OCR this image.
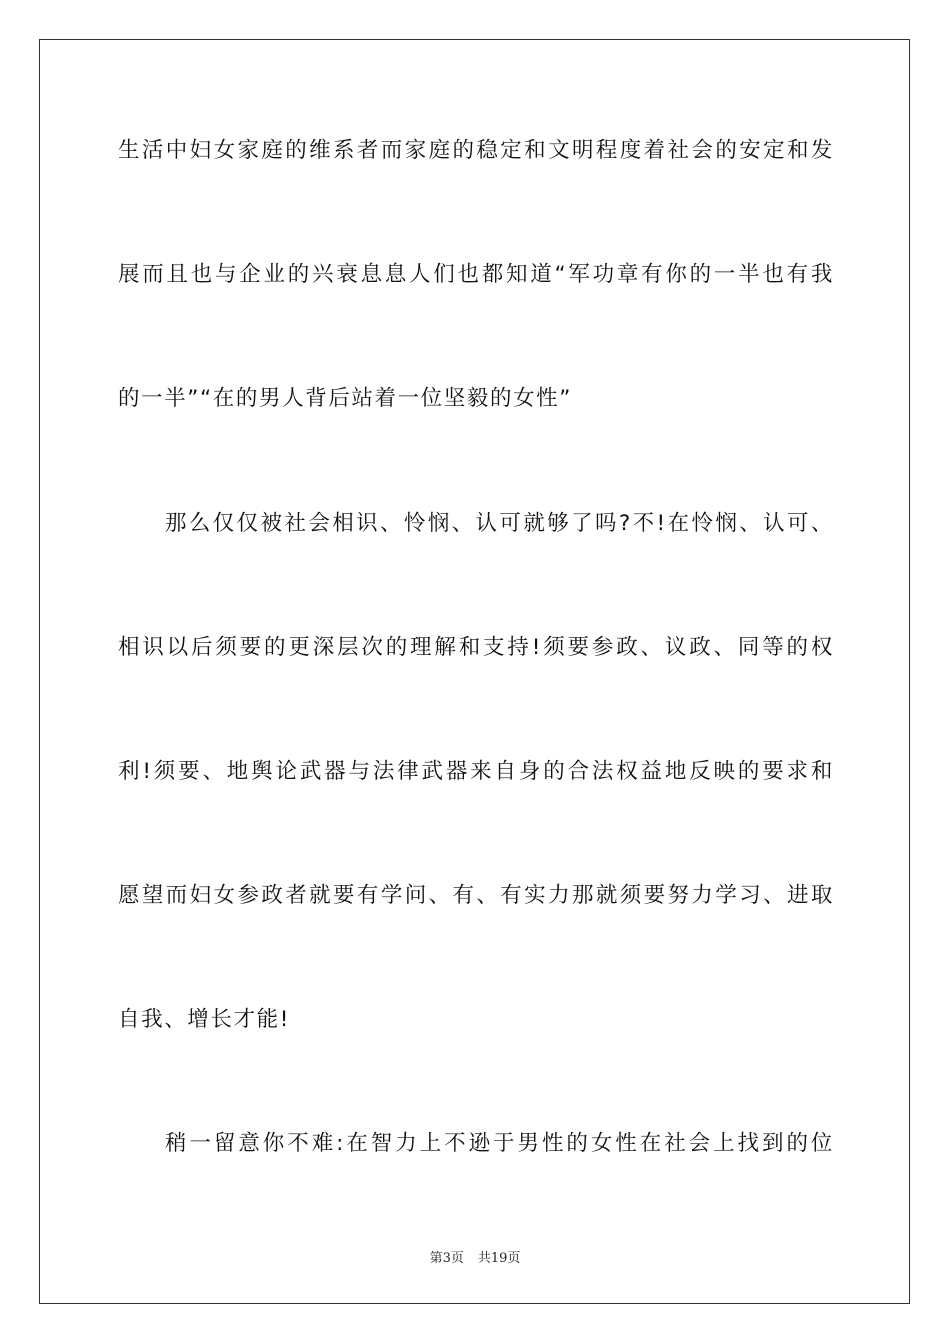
生活中妇女家庭的维系者而家庭的稳定和文明程度着社会的安定和发
展而且也与企业的兴衰息息人们也都知道“军功章有你的一半也有我
的一半”“在的男人背后站着一位坚毅的女性”
那么仅仅被社会相识、怜悯、认可就够了吗?不!在怜悯、认可、
相识以后须要的更深层次的理解和支持!须要参政、议政、同等的权
利!须要、地舆论武器与法律武器来自身的合法权益地反映的要求和
愿望而妇女参政者就要有学问、有、有实力那就须要努力学习、进取
自我、增长才能!
稍一留意你不难:在智力上不逊于男性的女性在社会上找到的位
第3页 共19页
